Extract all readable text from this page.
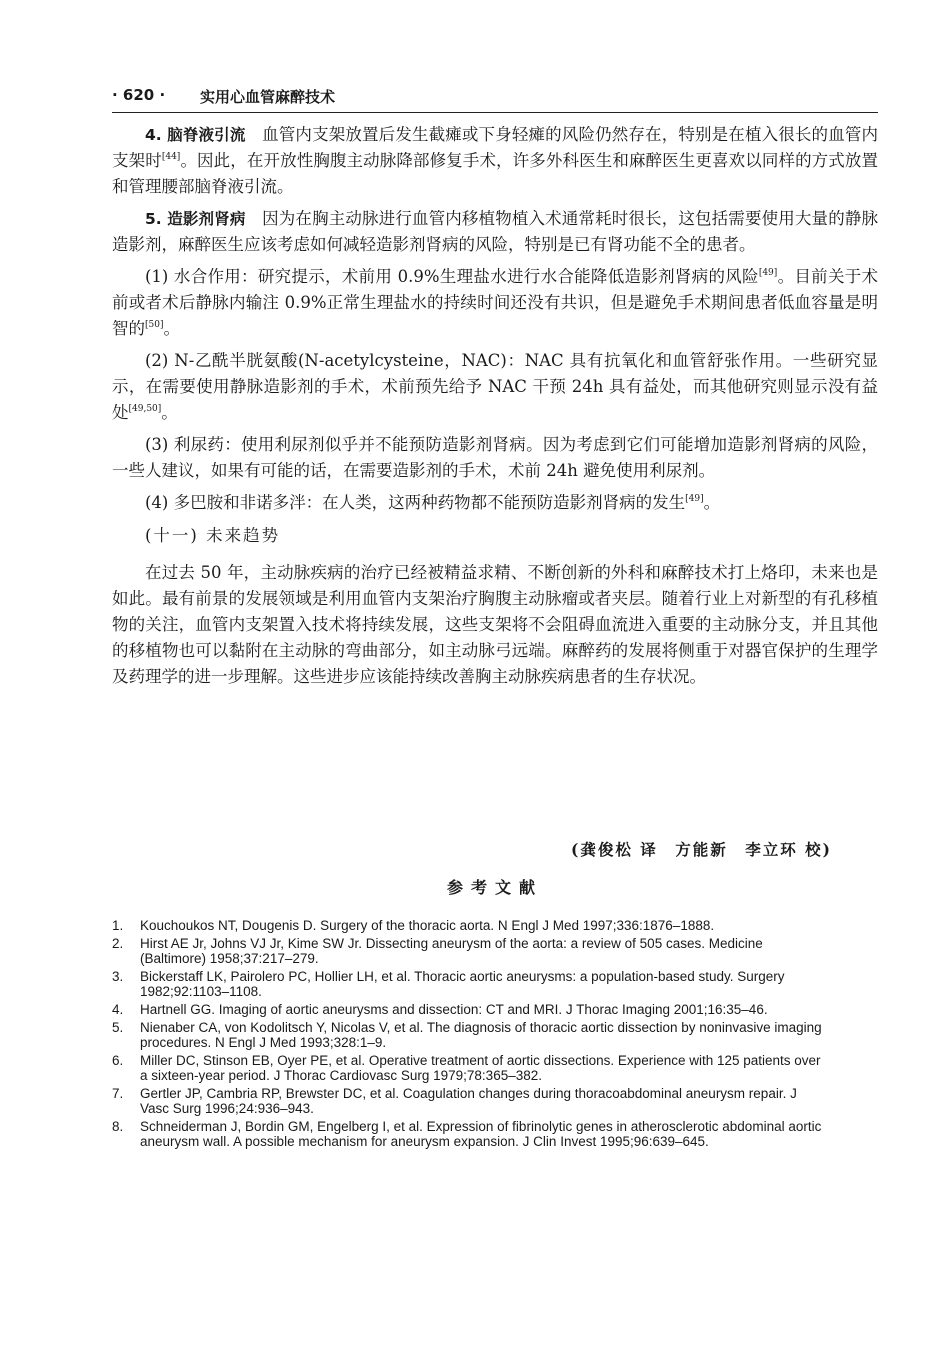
· 620 · 实用心血管麻醉技术

4. 脑脊液引流　血管内支架放置后发生截瘫或下身轻瘫的风险仍然存在，特别是在植入很长的血管内支架时[44]。因此，在开放性胸腹主动脉降部修复手术，许多外科医生和麻醉医生更喜欢以同样的方式放置和管理腰部脑脊液引流。

5. 造影剂肾病　因为在胸主动脉进行血管内移植物植入术通常耗时很长，这包括需要使用大量的静脉造影剂，麻醉医生应该考虑如何减轻造影剂肾病的风险，特别是已有肾功能不全的患者。

(1) 水合作用：研究提示，术前用 0.9%生理盐水进行水合能降低造影剂肾病的风险[49]。目前关于术前或者术后静脉内输注 0.9%正常生理盐水的持续时间还没有共识，但是避免手术期间患者低血容量是明智的[50]。

(2) N-乙酰半胱氨酸(N-acetylcysteine，NAC)：NAC 具有抗氧化和血管舒张作用。一些研究显示，在需要使用静脉造影剂的手术，术前预先给予 NAC 干预 24h 具有益处，而其他研究则显示没有益处[49,50]。

(3) 利尿药：使用利尿剂似乎并不能预防造影剂肾病。因为考虑到它们可能增加造影剂肾病的风险，一些人建议，如果有可能的话，在需要造影剂的手术，术前 24h 避免使用利尿剂。

(4) 多巴胺和非诺多泮：在人类，这两种药物都不能预防造影剂肾病的发生[49]。

(十一) 未来趋势

在过去 50 年，主动脉疾病的治疗已经被精益求精、不断创新的外科和麻醉技术打上烙印，未来也是如此。最有前景的发展领域是利用血管内支架治疗胸腹主动脉瘤或者夹层。随着行业上对新型的有孔移植物的关注，血管内支架置入技术将持续发展，这些支架将不会阻碍血流进入重要的主动脉分支，并且其他的移植物也可以黏附在主动脉的弯曲部分，如主动脉弓远端。麻醉药的发展将侧重于对器官保护的生理学及药理学的进一步理解。这些进步应该能持续改善胸主动脉疾病患者的生存状况。

(龚俊松 译　方能新　李立环 校)
参考文献
1. Kouchoukos NT, Dougenis D. Surgery of the thoracic aorta. N Engl J Med 1997;336:1876–1888.
2. Hirst AE Jr, Johns VJ Jr, Kime SW Jr. Dissecting aneurysm of the aorta: a review of 505 cases. Medicine (Baltimore) 1958;37:217–279.
3. Bickerstaff LK, Pairolero PC, Hollier LH, et al. Thoracic aortic aneurysms: a population-based study. Surgery 1982;92:1103–1108.
4. Hartnell GG. Imaging of aortic aneurysms and dissection: CT and MRI. J Thorac Imaging 2001;16:35–46.
5. Nienaber CA, von Kodolitsch Y, Nicolas V, et al. The diagnosis of thoracic aortic dissection by noninvasive imaging procedures. N Engl J Med 1993;328:1–9.
6. Miller DC, Stinson EB, Oyer PE, et al. Operative treatment of aortic dissections. Experience with 125 patients over a sixteen-year period. J Thorac Cardiovasc Surg 1979;78:365–382.
7. Gertler JP, Cambria RP, Brewster DC, et al. Coagulation changes during thoracoabdominal aneurysm repair. J Vasc Surg 1996;24:936–943.
8. Schneiderman J, Bordin GM, Engelberg I, et al. Expression of fibrinolytic genes in atherosclerotic abdominal aortic aneurysm wall. A possible mechanism for aneurysm expansion. J Clin Invest 1995;96:639–645.
